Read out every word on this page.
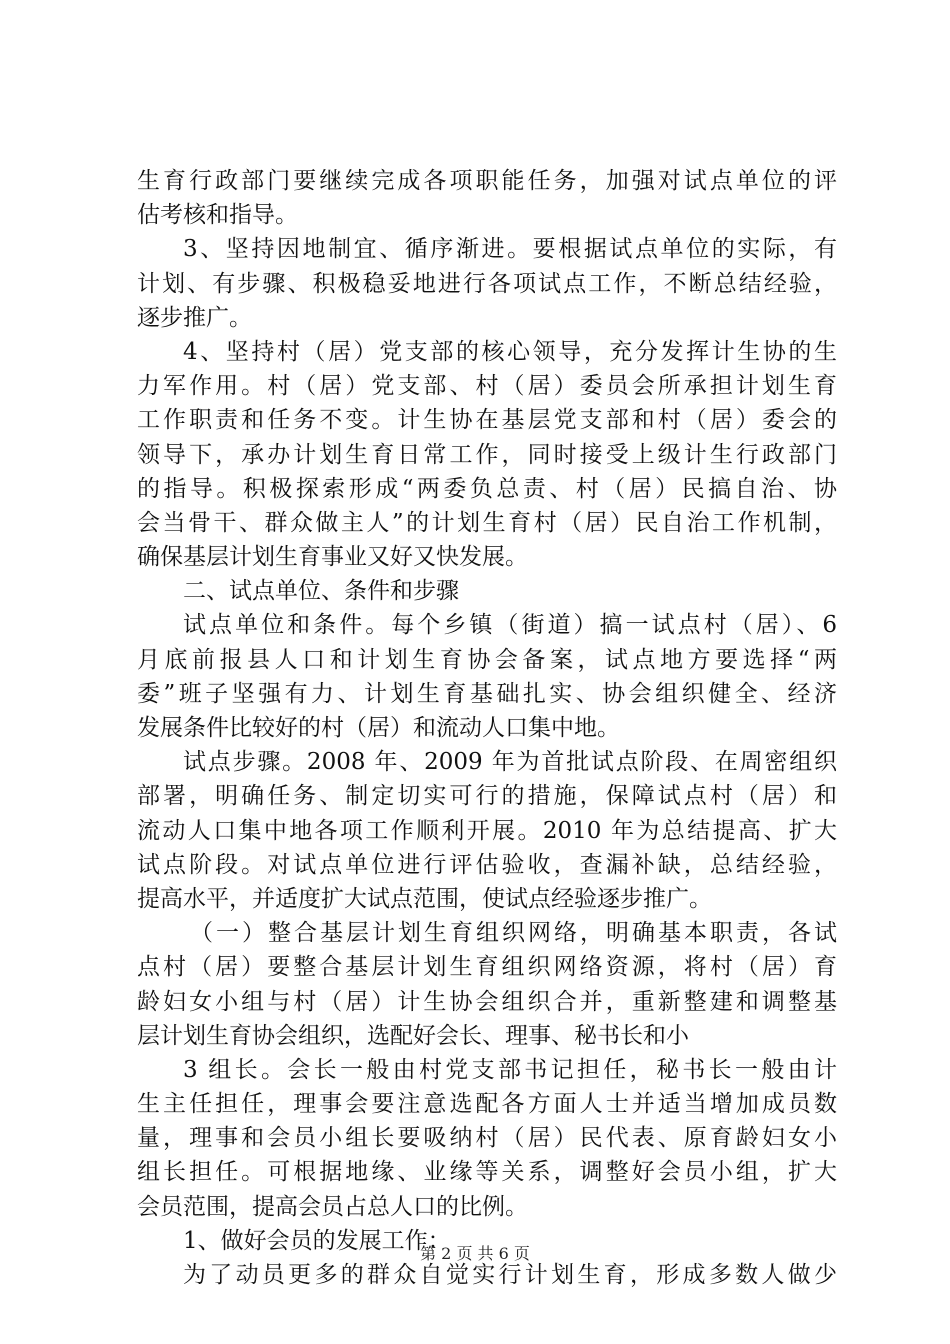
生育行政部门要继续完成各项职能任务，加强对试点单位的评
估考核和指导。
3、坚持因地制宜、循序渐进。要根据试点单位的实际，有
计划、有步骤、积极稳妥地进行各项试点工作，不断总结经验，
逐步推广。
4、坚持村（居）党支部的核心领导，充分发挥计生协的生
力军作用。村（居）党支部、村（居）委员会所承担计划生育
工作职责和任务不变。计生协在基层党支部和村（居）委会的
领导下，承办计划生育日常工作，同时接受上级计生行政部门
的指导。积极探索形成“两委负总责、村（居）民搞自治、协
会当骨干、群众做主人”的计划生育村（居）民自治工作机制，
确保基层计划生育事业又好又快发展。
二、试点单位、条件和步骤
试点单位和条件。每个乡镇（街道）搞一试点村（居）、6
月底前报县人口和计划生育协会备案，试点地方要选择“两
委”班子坚强有力、计划生育基础扎实、协会组织健全、经济
发展条件比较好的村（居）和流动人口集中地。
试点步骤。2008 年、2009 年为首批试点阶段、在周密组织
部署，明确任务、制定切实可行的措施，保障试点村（居）和
流动人口集中地各项工作顺利开展。2010 年为总结提高、扩大
试点阶段。对试点单位进行评估验收，查漏补缺，总结经验，
提高水平，并适度扩大试点范围，使试点经验逐步推广。
（一）整合基层计划生育组织网络，明确基本职责，各试
点村（居）要整合基层计划生育组织网络资源，将村（居）育
龄妇女小组与村（居）计生协会组织合并，重新整建和调整基
层计划生育协会组织，选配好会长、理事、秘书长和小
3 组长。会长一般由村党支部书记担任，秘书长一般由计
生主任担任，理事会要注意选配各方面人士并适当增加成员数
量，理事和会员小组长要吸纳村（居）民代表、原育龄妇女小
组长担任。可根据地缘、业缘等关系，调整好会员小组，扩大
会员范围，提高会员占总人口的比例。
1、做好会员的发展工作：
为了动员更多的群众自觉实行计划生育，形成多数人做少
第 2 页 共 6 页
